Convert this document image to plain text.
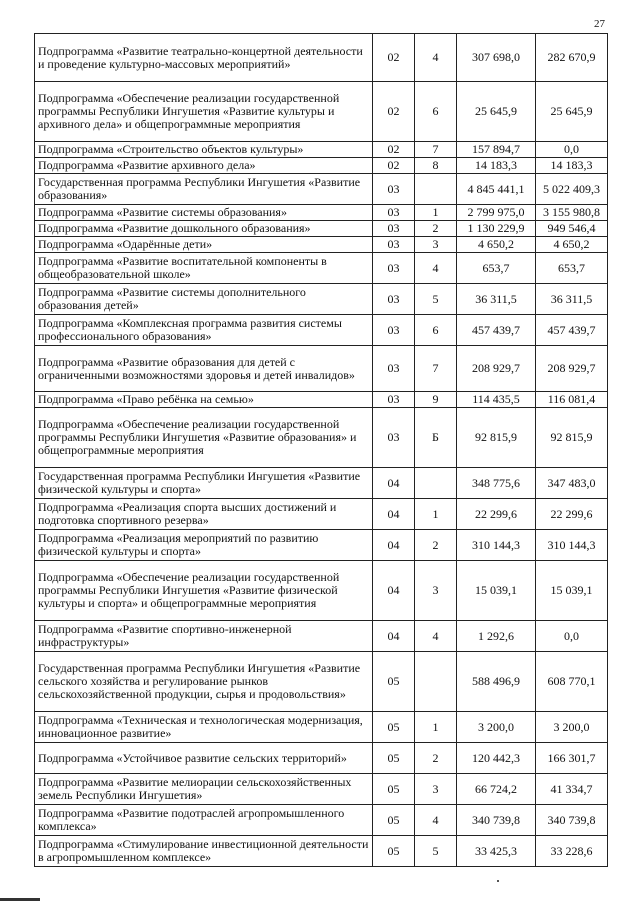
27
Подпрограмма «Развитие театрально-концертной деятельности и проведение культурно-массовых мероприятий»	02	4	307 698,0	282 670,9
Подпрограмма «Обеспечение реализации государственной программы Республики Ингушетия «Развитие культуры и архивного дела» и общепрограммные мероприятия	02	6	25 645,9	25 645,9
Подпрограмма «Строительство объектов культуры»	02	7	157 894,7	0,0
Подпрограмма «Развитие архивного дела»	02	8	14 183,3	14 183,3
Государственная программа Республики Ингушетия «Развитие образования»	03		4 845 441,1	5 022 409,3
Подпрограмма «Развитие системы образования»	03	1	2 799 975,0	3 155 980,8
Подпрограмма «Развитие дошкольного образования»	03	2	1 130 229,9	949 546,4
Подпрограмма «Одарённые дети»	03	3	4 650,2	4 650,2
Подпрограмма «Развитие воспитательной компоненты в общеобразовательной школе»	03	4	653,7	653,7
Подпрограмма «Развитие системы дополнительного образования детей»	03	5	36 311,5	36 311,5
Подпрограмма «Комплексная программа развития системы профессионального образования»	03	6	457 439,7	457 439,7
Подпрограмма «Развитие образования для детей с ограниченными возможностями здоровья и детей инвалидов»	03	7	208 929,7	208 929,7
Подпрограмма «Право ребёнка на семью»	03	9	114 435,5	116 081,4
Подпрограмма «Обеспечение реализации государственной программы Республики Ингушетия «Развитие образования» и общепрограммные мероприятия	03	Б	92 815,9	92 815,9
Государственная программа Республики Ингушетия «Развитие физической культуры и спорта»	04		348 775,6	347 483,0
Подпрограмма «Реализация спорта высших достижений и подготовка спортивного резерва»	04	1	22 299,6	22 299,6
Подпрограмма «Реализация мероприятий по развитию физической культуры и спорта»	04	2	310 144,3	310 144,3
Подпрограмма «Обеспечение реализации государственной программы Республики Ингушетия «Развитие физической культуры и спорта» и общепрограммные мероприятия	04	3	15 039,1	15 039,1
Подпрограмма «Развитие спортивно-инженерной инфраструктуры»	04	4	1 292,6	0,0
Государственная программа Республики Ингушетия «Развитие сельского хозяйства и регулирование рынков сельскохозяйственной продукции, сырья и продовольствия»	05		588 496,9	608 770,1
Подпрограмма «Техническая и технологическая модернизация, инновационное развитие»	05	1	3 200,0	3 200,0
Подпрограмма «Устойчивое развитие сельских территорий»	05	2	120 442,3	166 301,7
Подпрограмма «Развитие мелиорации сельскохозяйственных земель Республики Ингушетия»	05	3	66 724,2	41 334,7
Подпрограмма «Развитие подотраслей агропромышленного комплекса»	05	4	340 739,8	340 739,8
Подпрограмма «Стимулирование инвестиционной деятельности в агропромышленном комплексе»	05	5	33 425,3	33 228,6
